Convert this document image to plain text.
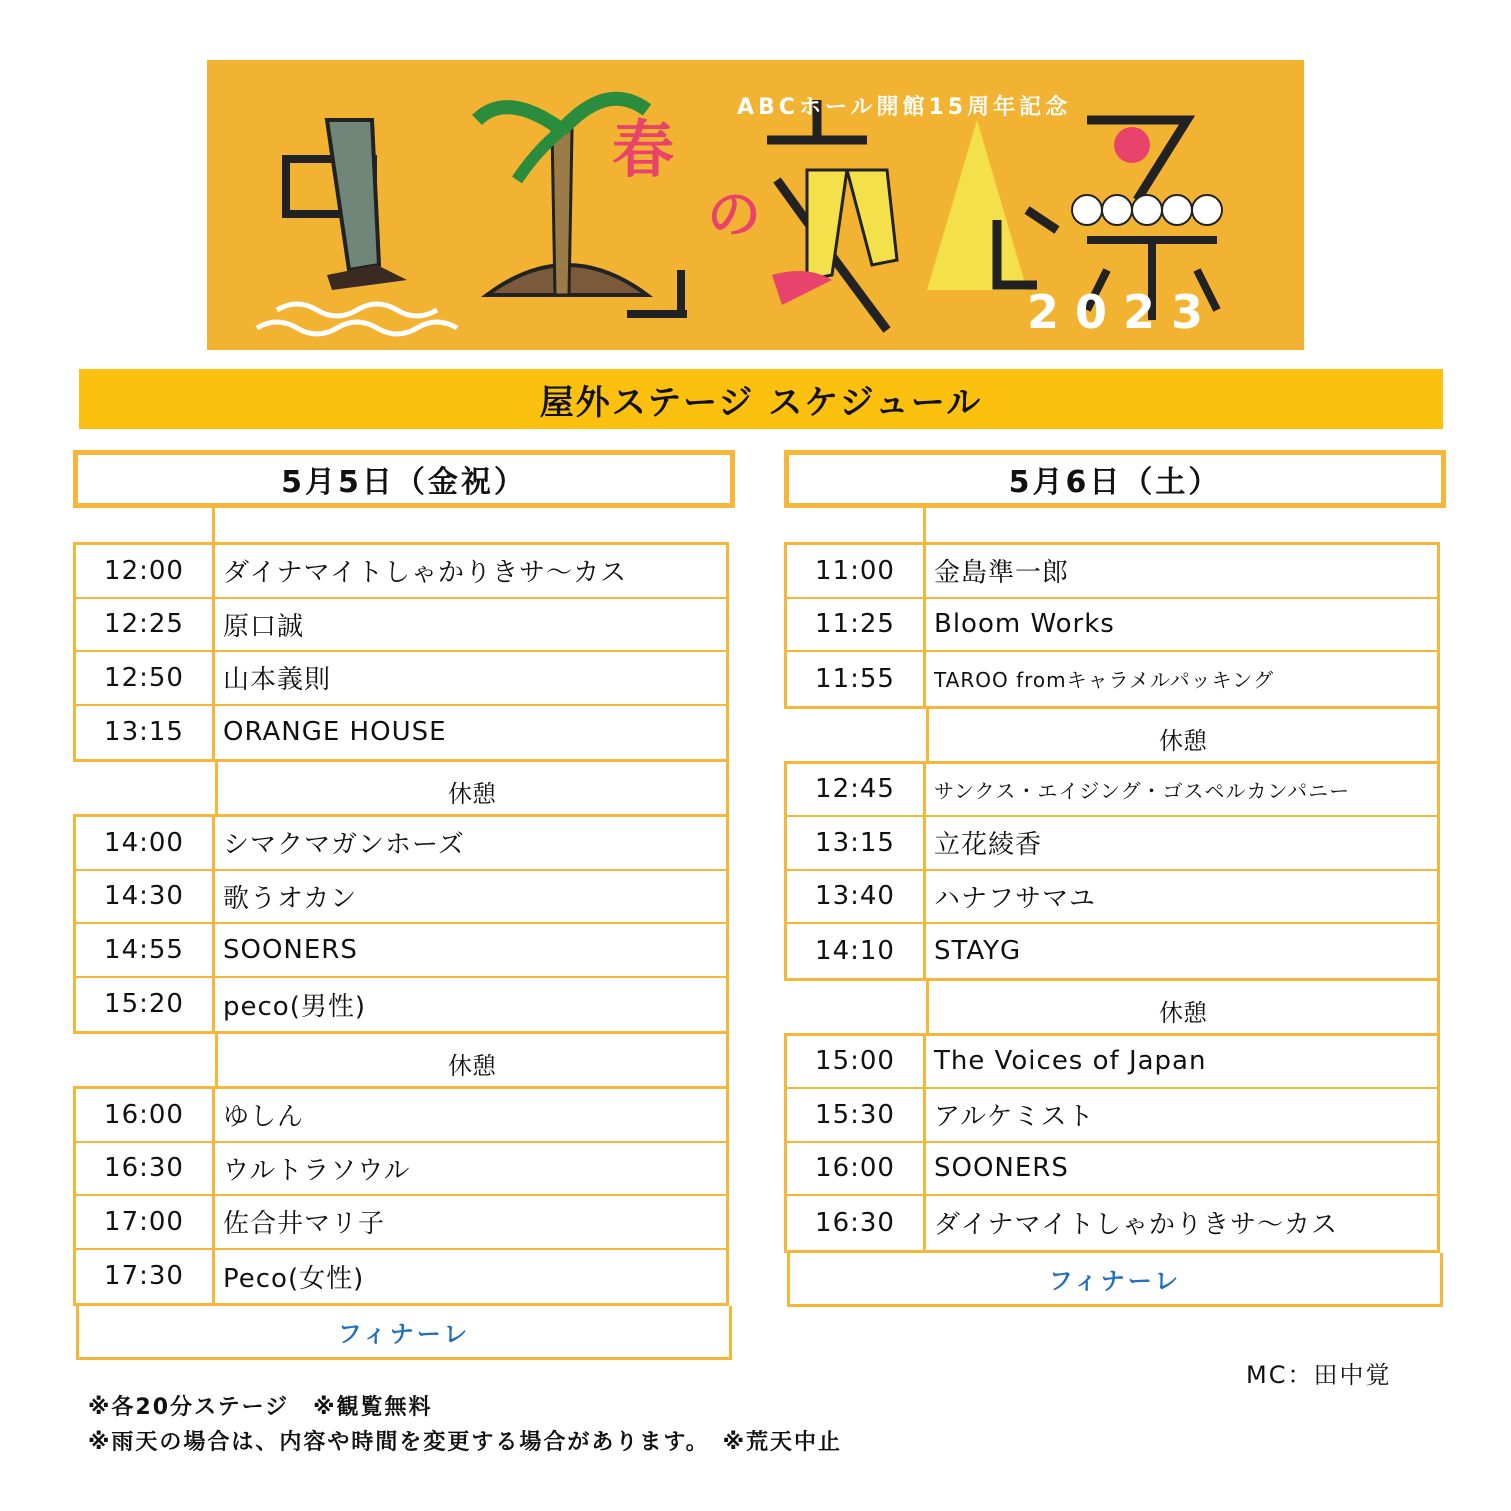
ABCホール開館15周年記念
春
の
2023
屋外ステージ スケジュール
5月5日（金祝）
12:00	ダイナマイトしゃかりきサ～カス
12:25	原口誠
12:50	山本義則
13:15	ORANGE HOUSE
休憩
14:00	シマクマガンホーズ
14:30	歌うオカン
14:55	SOONERS
15:20	peco(男性)
休憩
16:00	ゆしん
16:30	ウルトラソウル
17:00	佐合井マリ子
17:30	Peco(女性)
フィナーレ
5月6日（土）
11:00	金島準一郎
11:25	Bloom Works
11:55	TAROO fromキャラメルパッキング
休憩
12:45	サンクス・エイジング・ゴスペルカンパニー
13:15	立花綾香
13:40	ハナフサマユ
14:10	STAYG
休憩
15:00	The Voices of Japan
15:30	アルケミスト
16:00	SOONERS
16:30	ダイナマイトしゃかりきサ～カス
フィナーレ
MC：田中覚
※各20分ステージ　※観覧無料
※雨天の場合は、内容や時間を変更する場合があります。　※荒天中止
